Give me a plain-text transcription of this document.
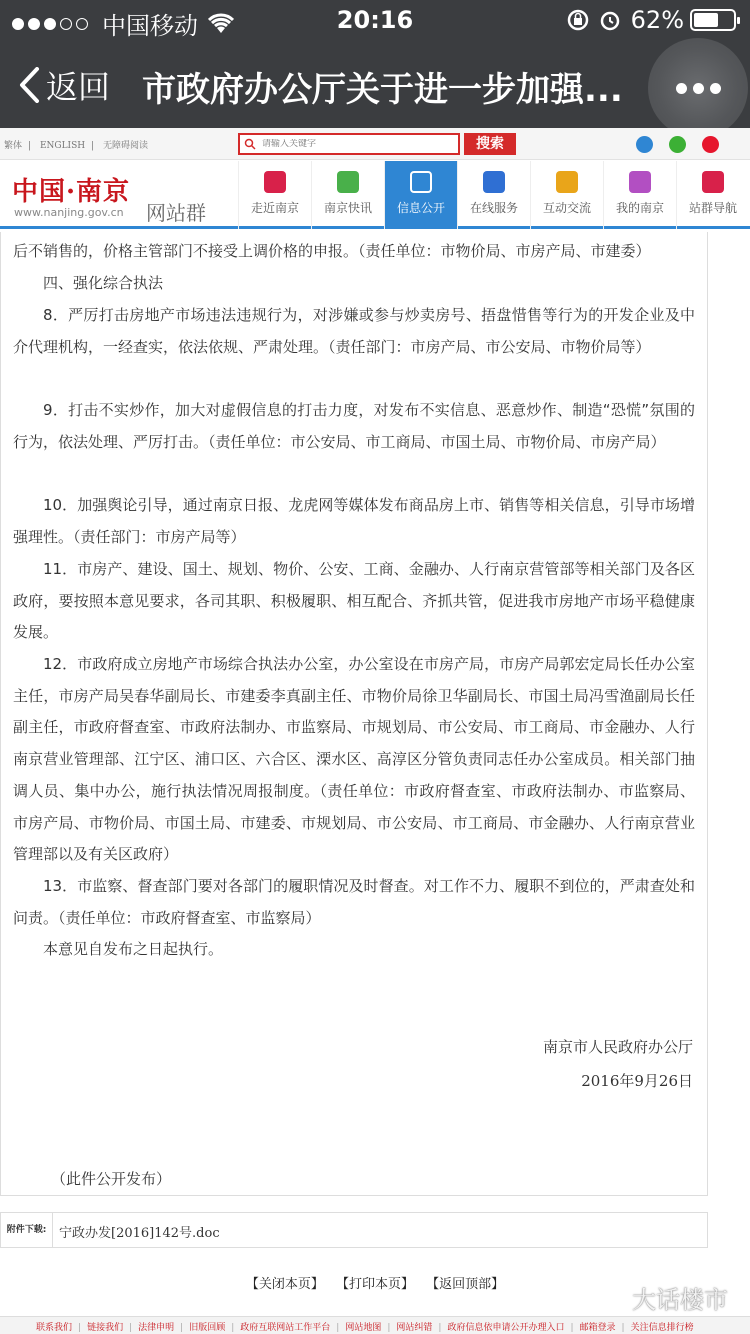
中国移动	20:16	62%
返回 市政府办公厅关于进一步加强...
繁体 | ENGLISH | 无障碍阅读
请输入关键字	搜索
中国·南京
www.nanjing.gov.cn 网站群	走近南京	南京快讯	信息公开	在线服务	互动交流	我的南京	站群导航
后不销售的，价格主管部门不接受上调价格的申报。（责任单位：市物价局、市房产局、市建委）
四、强化综合执法
8．严厉打击房地产市场违法违规行为，对涉嫌或参与炒卖房号、捂盘惜售等行为的开发企业及中介代理机构，一经查实，依法依规、严肃处理。（责任部门：市房产局、市公安局、市物价局等）
9．打击不实炒作，加大对虚假信息的打击力度，对发布不实信息、恶意炒作、制造“恐慌”氛围的行为，依法处理、严厉打击。（责任单位：市公安局、市工商局、市国土局、市物价局、市房产局）
10．加强舆论引导，通过南京日报、龙虎网等媒体发布商品房上市、销售等相关信息，引导市场增强理性。（责任部门：市房产局等）
11．市房产、建设、国土、规划、物价、公安、工商、金融办、人行南京营管部等相关部门及各区政府，要按照本意见要求，各司其职、积极履职、相互配合、齐抓共管，促进我市房地产市场平稳健康发展。
12．市政府成立房地产市场综合执法办公室，办公室设在市房产局，市房产局郭宏定局长任办公室主任，市房产局吴春华副局长、市建委李真副主任、市物价局徐卫华副局长、市国土局冯雪渔副局长任副主任，市政府督查室、市政府法制办、市监察局、市规划局、市公安局、市工商局、市金融办、人行南京营业管理部、江宁区、浦口区、六合区、溧水区、高淳区分管负责同志任办公室成员。相关部门抽调人员、集中办公，施行执法情况周报制度。（责任单位：市政府督查室、市政府法制办、市监察局、市房产局、市物价局、市国土局、市建委、市规划局、市公安局、市工商局、市金融办、人行南京营业管理部以及有关区政府）
13．市监察、督查部门要对各部门的履职情况及时督查。对工作不力、履职不到位的，严肃查处和问责。（责任单位：市政府督查室、市监察局）
本意见自发布之日起执行。
南京市人民政府办公厅
2016年9月26日
（此件公开发布）
附件下载: 宁政办发[2016]142号.doc
【关闭本页】 【打印本页】 【返回顶部】
大话楼市
联系我们 | 链接我们 | 法律申明 | 旧版回顾 | 政府互联网站工作平台 | 网站地图 | 网站纠错 | 政府信息依申请公开办理入口 | 邮箱登录 | 关注信息排行榜
